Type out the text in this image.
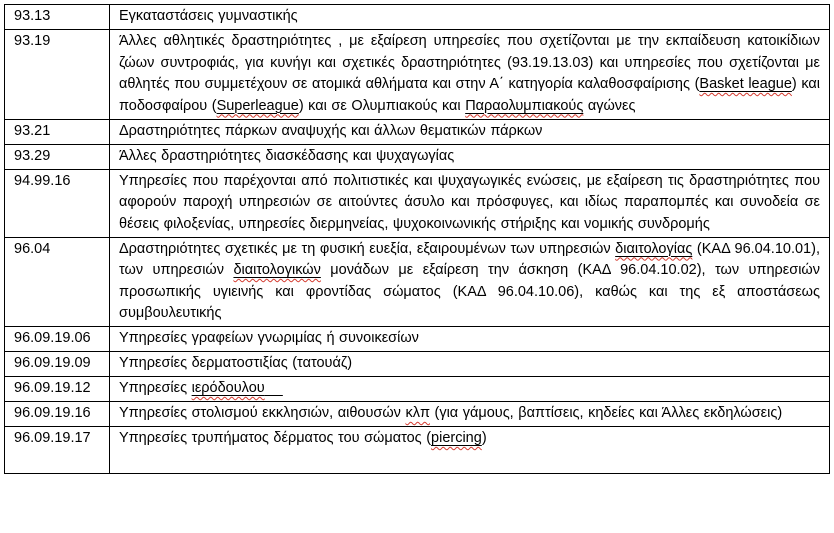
93.13	Εγκαταστάσεις γυμναστικής
93.19	Άλλες αθλητικές δραστηριότητες , με εξαίρεση υπηρεσίες που σχετίζονται με την εκπαίδευση κατοικίδιων ζώων συντροφιάς, για κυνήγι και σχετικές δραστηριότητες (93.19.13.03) και υπηρεσίες που σχετίζονται με αθλητές που συμμετέχουν σε ατομικά αθλήματα και στην Α΄ κατηγορία καλαθοσφαίρισης (Basket league) και ποδοσφαίρου (Superleague) και σε Ολυμπιακούς και Παραολυμπιακούς αγώνες
93.21	Δραστηριότητες πάρκων αναψυχής και άλλων θεματικών πάρκων
93.29	Άλλες δραστηριότητες διασκέδασης και ψυχαγωγίας
94.99.16	Υπηρεσίες που παρέχονται από πολιτιστικές και ψυχαγωγικές ενώσεις, με εξαίρεση τις δραστηριότητες που αφορούν παροχή υπηρεσιών σε αιτούντες άσυλο και πρόσφυγες, και ιδίως παραπομπές και συνοδεία σε θέσεις φιλοξενίας, υπηρεσίες διερμηνείας, ψυχοκοινωνικής στήριξης και νομικής συνδρομής
96.04	Δραστηριότητες σχετικές με τη φυσική ευεξία, εξαιρουμένων των υπηρεσιών διαιτολογίας (ΚΑΔ 96.04.10.01), των υπηρεσιών διαιτολογικών μονάδων με εξαίρεση την άσκηση (ΚΑΔ 96.04.10.02), των υπηρεσιών προσωπικής υγιεινής και φροντίδας σώματος (ΚΑΔ 96.04.10.06), καθώς και της εξ αποστάσεως συμβουλευτικής
96.09.19.06	Υπηρεσίες γραφείων γνωριμίας ή συνοικεσίων
96.09.19.09	Υπηρεσίες δερματοστιξίας (τατουάζ)
96.09.19.12	Υπηρεσίες ιερόδουλου
96.09.19.16	Υπηρεσίες στολισμού εκκλησιών, αιθουσών κλπ (για γάμους, βαπτίσεις, κηδείες και Άλλες εκδηλώσεις)
96.09.19.17	Υπηρεσίες τρυπήματος δέρματος του σώματος (piercing)
